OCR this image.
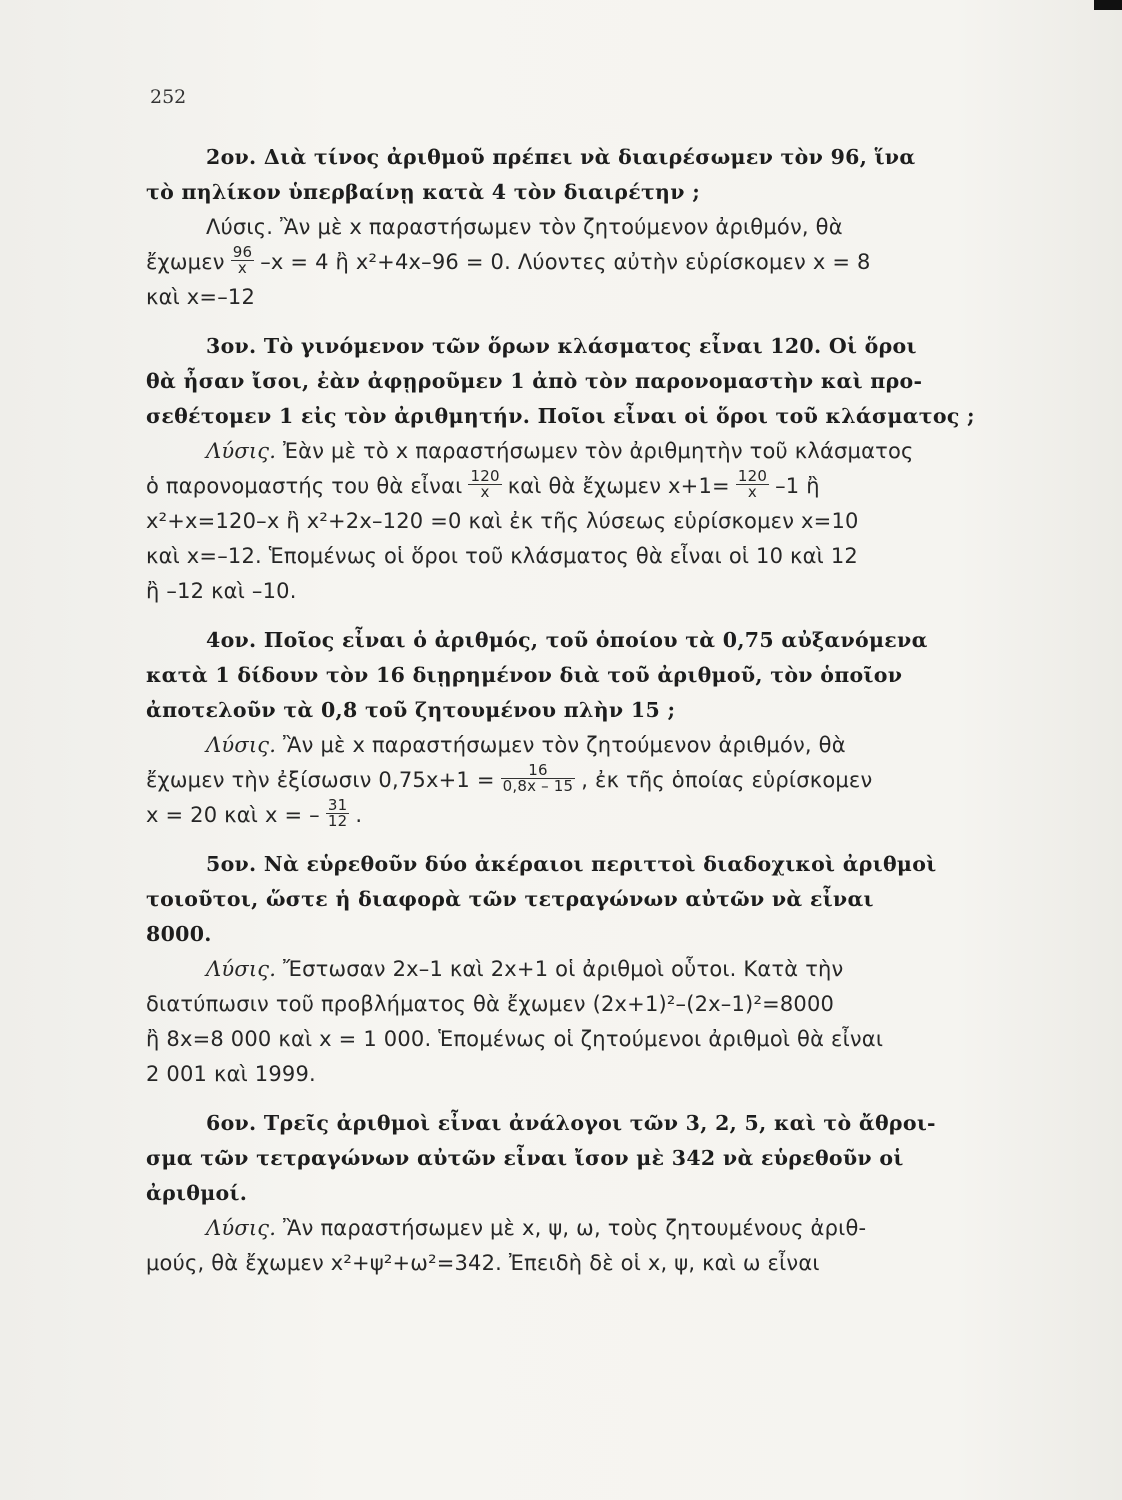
252
2ον. Διὰ τίνος ἀριθμοῦ πρέπει νὰ διαιρέσωμεν τὸν 96, ἵνα
τὸ πηλίκον ὑπερβαίνῃ κατὰ 4 τὸν διαιρέτην ;
Λύσις. Ἂν μὲ x παραστήσωμεν τὸν ζητούμενον ἀριθμόν, θὰ
ἔχωμεν $\frac{96}{x} -x = 4$ ἢ x²+4x–96 = 0. Λύοντες αὐτὴν εὑρίσκομεν x = 8
καὶ x=–12
3ον. Τὸ γινόμενον τῶν ὅρων κλάσματος εἶναι 120. Οἱ ὅροι
θὰ ἦσαν ἴσοι, ἐὰν ἀφῃροῦμεν 1 ἀπὸ τὸν παρονομαστὴν καὶ προ-
σεθέτομεν 1 εἰς τὸν ἀριθμητήν. Ποῖοι εἶναι οἱ ὅροι τοῦ κλάσματος ;
Λύσις.
Ἐὰν μὲ τὸ x παραστήσωμεν τὸν ἀριθμητὴν τοῦ κλάσματος
ὁ παρονομαστής του θὰ εἶναι $\frac{120}{x}$ καὶ θὰ ἔχωμεν $x+1= \frac{120}{x} -1$ ἢ
x²+x=120–x ἢ x²+2x–120 =0 καὶ ἐκ τῆς λύσεως εὑρίσκομεν x=10
καὶ x=–12. Ἑπομένως οἱ ὅροι τοῦ κλάσματος θὰ εἶναι οἱ 10 καὶ 12
ἢ –12 καὶ –10.
4ον. Ποῖος εἶναι ὁ ἀριθμός, τοῦ ὁποίου τὰ 0,75 αὐξανόμενα
κατὰ 1 δίδουν τὸν 16 διῃρημένον διὰ τοῦ ἀριθμοῦ, τὸν ὁποῖον
ἀποτελοῦν τὰ 0,8 τοῦ ζητουμένου πλὴν 15 ;
Λύσις.
Ἂν μὲ x παραστήσωμεν τὸν ζητούμενον ἀριθμόν, θὰ
ἔχωμεν τὴν ἐξίσωσιν $0,75x+1 = \frac{16}{0,8x - 15}$ , ἐκ τῆς ὁποίας εὑρίσκομεν
x = 20 καὶ x = – $\frac{31}{12}$ .
5ον. Νὰ εὑρεθοῦν δύο ἀκέραιοι περιττοὶ διαδοχικοὶ ἀριθμοὶ
τοιοῦτοι, ὥστε ἡ διαφορὰ τῶν τετραγώνων αὐτῶν νὰ εἶναι
8000.
Λύσις.
Ἔστωσαν 2x–1 καὶ 2x+1 οἱ ἀριθμοὶ οὗτοι. Κατὰ τὴν
διατύπωσιν τοῦ προβλήματος θὰ ἔχωμεν (2x+1)²–(2x–1)²=8000
ἢ 8x=8 000 καὶ x = 1 000. Ἑπομένως οἱ ζητούμενοι ἀριθμοὶ θὰ εἶναι
2 001 καὶ 1999.
6ον. Τρεῖς ἀριθμοὶ εἶναι ἀνάλογοι τῶν 3, 2, 5, καὶ τὸ ἄθροι-
σμα τῶν τετραγώνων αὐτῶν εἶναι ἴσον μὲ 342 νὰ εὑρεθοῦν οἱ
ἀριθμοί.
Λύσις.
Ἂν παραστήσωμεν μὲ x, ψ, ω, τοὺς ζητουμένους ἀριθ-
μούς, θὰ ἔχωμεν x²+ψ²+ω²=342. Ἐπειδὴ δὲ οἱ x, ψ, καὶ ω εἶναι
